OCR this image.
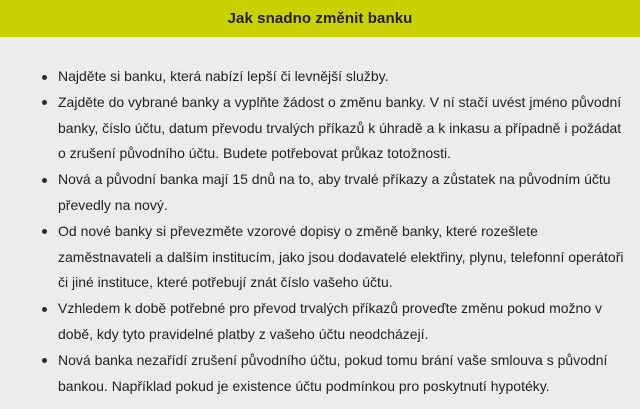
Jak snadno změnit banku
Najděte si banku, která nabízí lepší či levnější služby.
Zajděte do vybrané banky a vyplňte žádost o změnu banky. V ní stačí uvést jméno původní banky, číslo účtu, datum převodu trvalých příkazů k úhradě a k inkasu a případně i požádat o zrušení původního účtu. Budete potřebovat průkaz totožnosti.
Nová a původní banka mají 15 dnů na to, aby trvalé příkazy a zůstatek na původním účtu převedly na nový.
Od nové banky si převezměte vzorové dopisy o změně banky, které rozešlete zaměstnavateli a dalším institucím, jako jsou dodavatelé elektřiny, plynu, telefonní operátoři či jiné instituce, které potřebují znát číslo vašeho účtu.
Vzhledem k době potřebné pro převod trvalých příkazů proveďte změnu pokud možno v době, kdy tyto pravidelné platby z vašeho účtu neodcházejí.
Nová banka nezařídí zrušení původního účtu, pokud tomu brání vaše smlouva s původní bankou. Například pokud je existence účtu podmínkou pro poskytnutí hypotéky.
